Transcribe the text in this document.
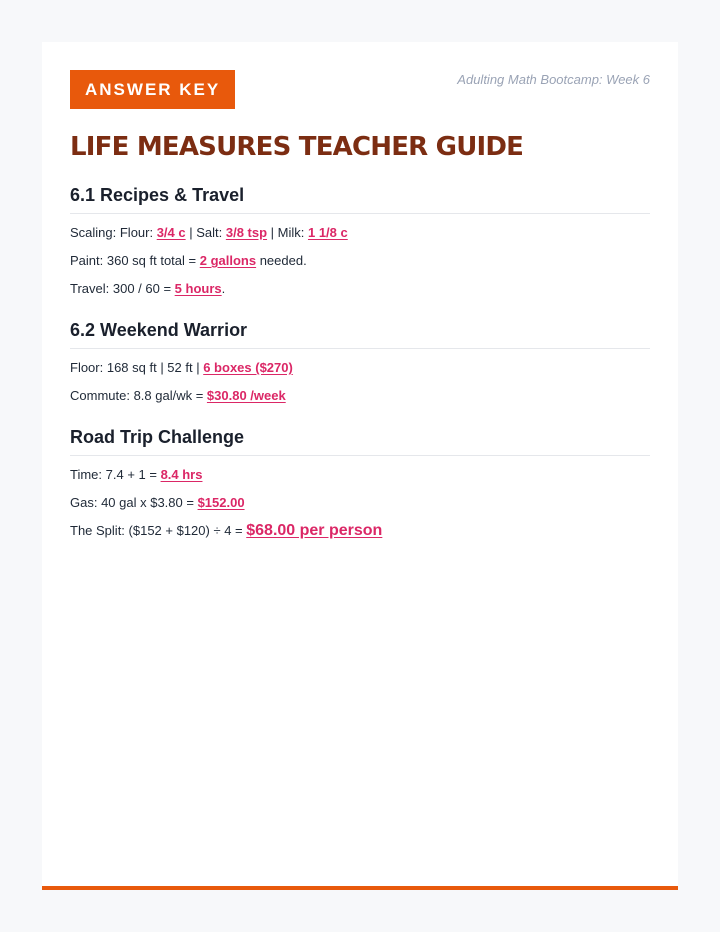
ANSWER KEY
Adulting Math Bootcamp: Week 6
LIFE MEASURES TEACHER GUIDE
6.1 Recipes & Travel
Scaling: Flour: 3/4 c | Salt: 3/8 tsp | Milk: 1 1/8 c
Paint: 360 sq ft total = 2 gallons needed.
Travel: 300 / 60 = 5 hours.
6.2 Weekend Warrior
Floor: 168 sq ft | 52 ft | 6 boxes ($270)
Commute: 8.8 gal/wk = $30.80 /week
Road Trip Challenge
Time: 7.4 + 1 = 8.4 hrs
Gas: 40 gal x $3.80 = $152.00
The Split: ($152 + $120) ÷ 4 = $68.00 per person
